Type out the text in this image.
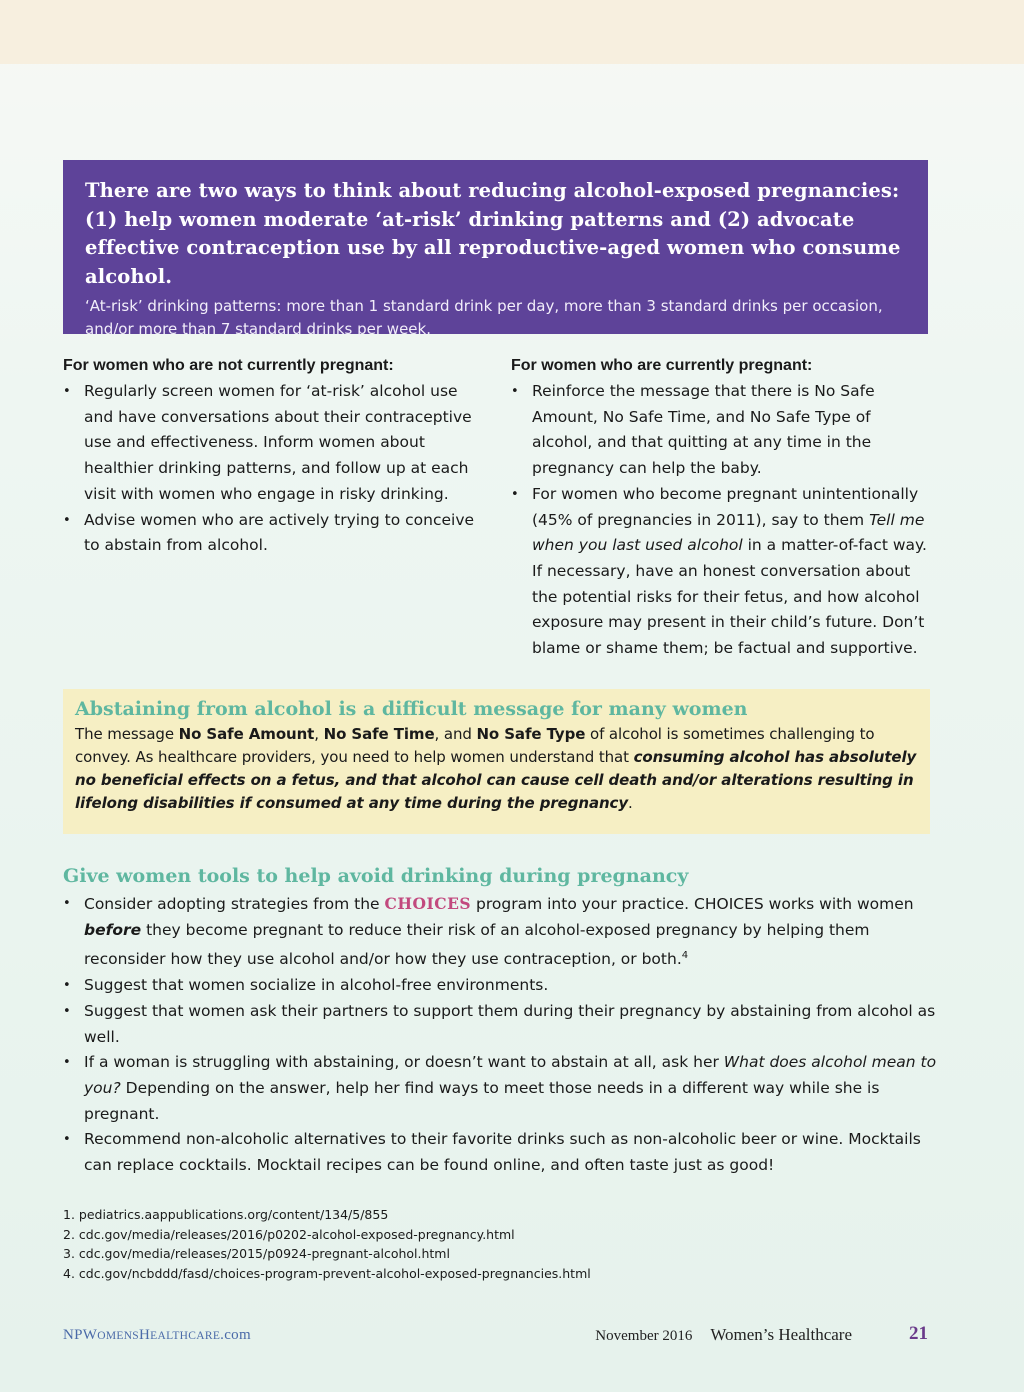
There are two ways to think about reducing alcohol-exposed pregnancies: (1) help women moderate ‘at-risk’ drinking patterns and (2) advocate effective contraception use by all reproductive-aged women who consume alcohol.
‘At-risk’ drinking patterns: more than 1 standard drink per day, more than 3 standard drinks per occasion, and/or more than 7 standard drinks per week.
For women who are not currently pregnant:
• Regularly screen women for ‘at-risk’ alcohol use and have conversations about their contraceptive use and effectiveness. Inform women about healthier drinking patterns, and follow up at each visit with women who engage in risky drinking.
• Advise women who are actively trying to conceive to abstain from alcohol.
For women who are currently pregnant:
• Reinforce the message that there is No Safe Amount, No Safe Time, and No Safe Type of alcohol, and that quitting at any time in the pregnancy can help the baby.
• For women who become pregnant unintentionally (45% of pregnancies in 2011), say to them Tell me when you last used alcohol in a matter-of-fact way. If necessary, have an honest conversation about the potential risks for their fetus, and how alcohol exposure may present in their child’s future. Don’t blame or shame them; be factual and supportive.
Abstaining from alcohol is a difficult message for many women
The message No Safe Amount, No Safe Time, and No Safe Type of alcohol is sometimes challenging to convey. As healthcare providers, you need to help women understand that consuming alcohol has absolutely no beneficial effects on a fetus, and that alcohol can cause cell death and/or alterations resulting in lifelong disabilities if consumed at any time during the pregnancy.
Give women tools to help avoid drinking during pregnancy
• Consider adopting strategies from the CHOICES program into your practice. CHOICES works with women before they become pregnant to reduce their risk of an alcohol-exposed pregnancy by helping them reconsider how they use alcohol and/or how they use contraception, or both.$^4$
• Suggest that women socialize in alcohol-free environments.
• Suggest that women ask their partners to support them during their pregnancy by abstaining from alcohol as well.
• If a woman is struggling with abstaining, or doesn’t want to abstain at all, ask her What does alcohol mean to you? Depending on the answer, help her find ways to meet those needs in a different way while she is pregnant.
• Recommend non-alcoholic alternatives to their favorite drinks such as non-alcoholic beer or wine. Mocktails can replace cocktails. Mocktail recipes can be found online, and often taste just as good!
1. pediatrics.aappublications.org/content/134/5/855
2. cdc.gov/media/releases/2016/p0202-alcohol-exposed-pregnancy.html
3. cdc.gov/media/releases/2015/p0924-pregnant-alcohol.html
4. cdc.gov/ncbddd/fasd/choices-program-prevent-alcohol-exposed-pregnancies.html
NPWOMENSHEALTHCARE.com	November 2016 Women’s Healthcare	21
